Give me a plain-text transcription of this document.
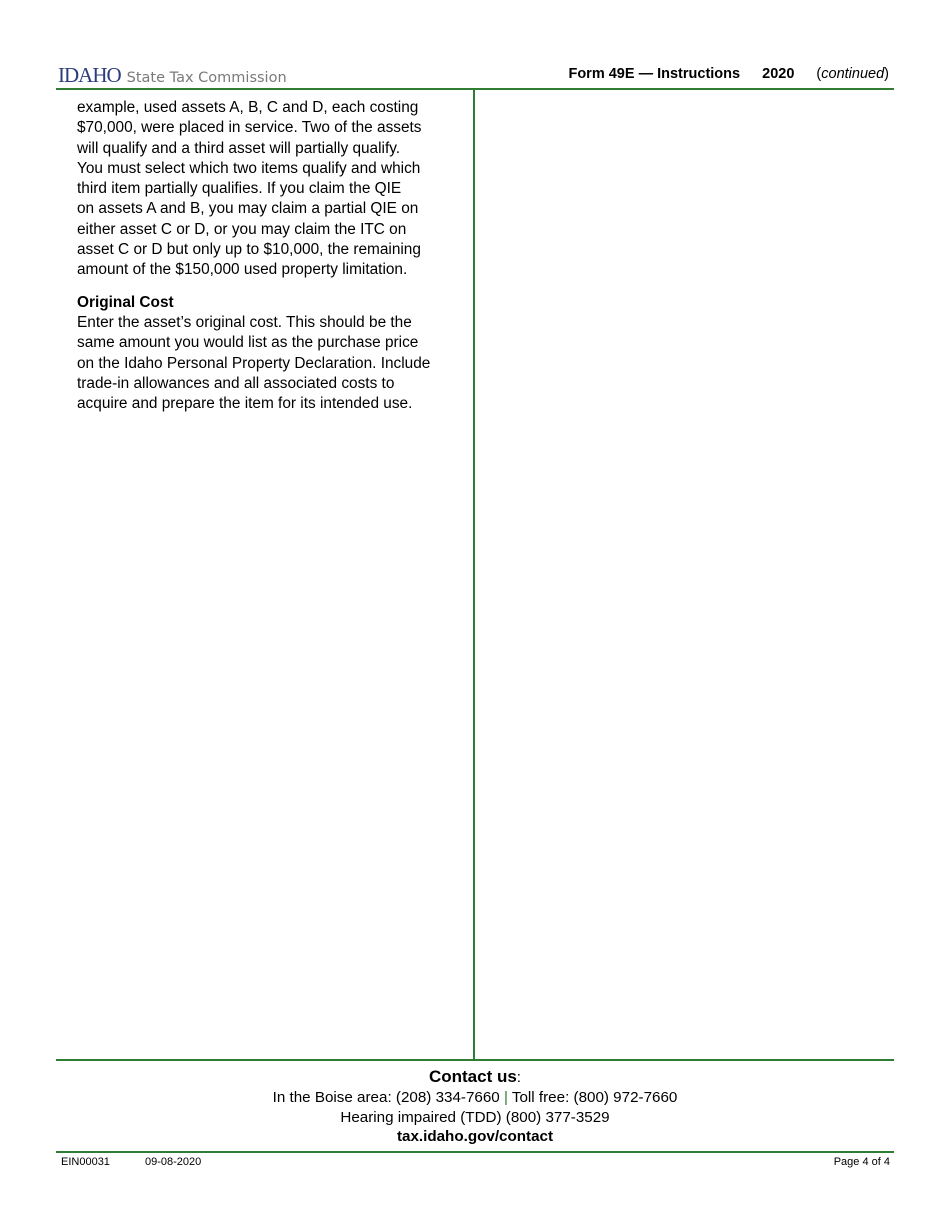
IDAHO State Tax Commission	Form 49E — Instructions 2020 (continued)

example, used assets A, B, C and D, each costing
$70,000, were placed in service. Two of the assets
will qualify and a third asset will partially qualify.
You must select which two items qualify and which
third item partially qualifies. If you claim the QIE
on assets A and B, you may claim a partial QIE on
either asset C or D, or you may claim the ITC on
asset C or D but only up to $10,000, the remaining
amount of the $150,000 used property limitation.

Original Cost
Enter the asset’s original cost. This should be the
same amount you would list as the purchase price
on the Idaho Personal Property Declaration. Include
trade-in allowances and all associated costs to
acquire and prepare the item for its intended use.

Contact us:
In the Boise area: (208) 334-7660 | Toll free: (800) 972-7660
Hearing impaired (TDD) (800) 377-3529
tax.idaho.gov/contact
EIN00031	09-08-2020	Page 4 of 4
